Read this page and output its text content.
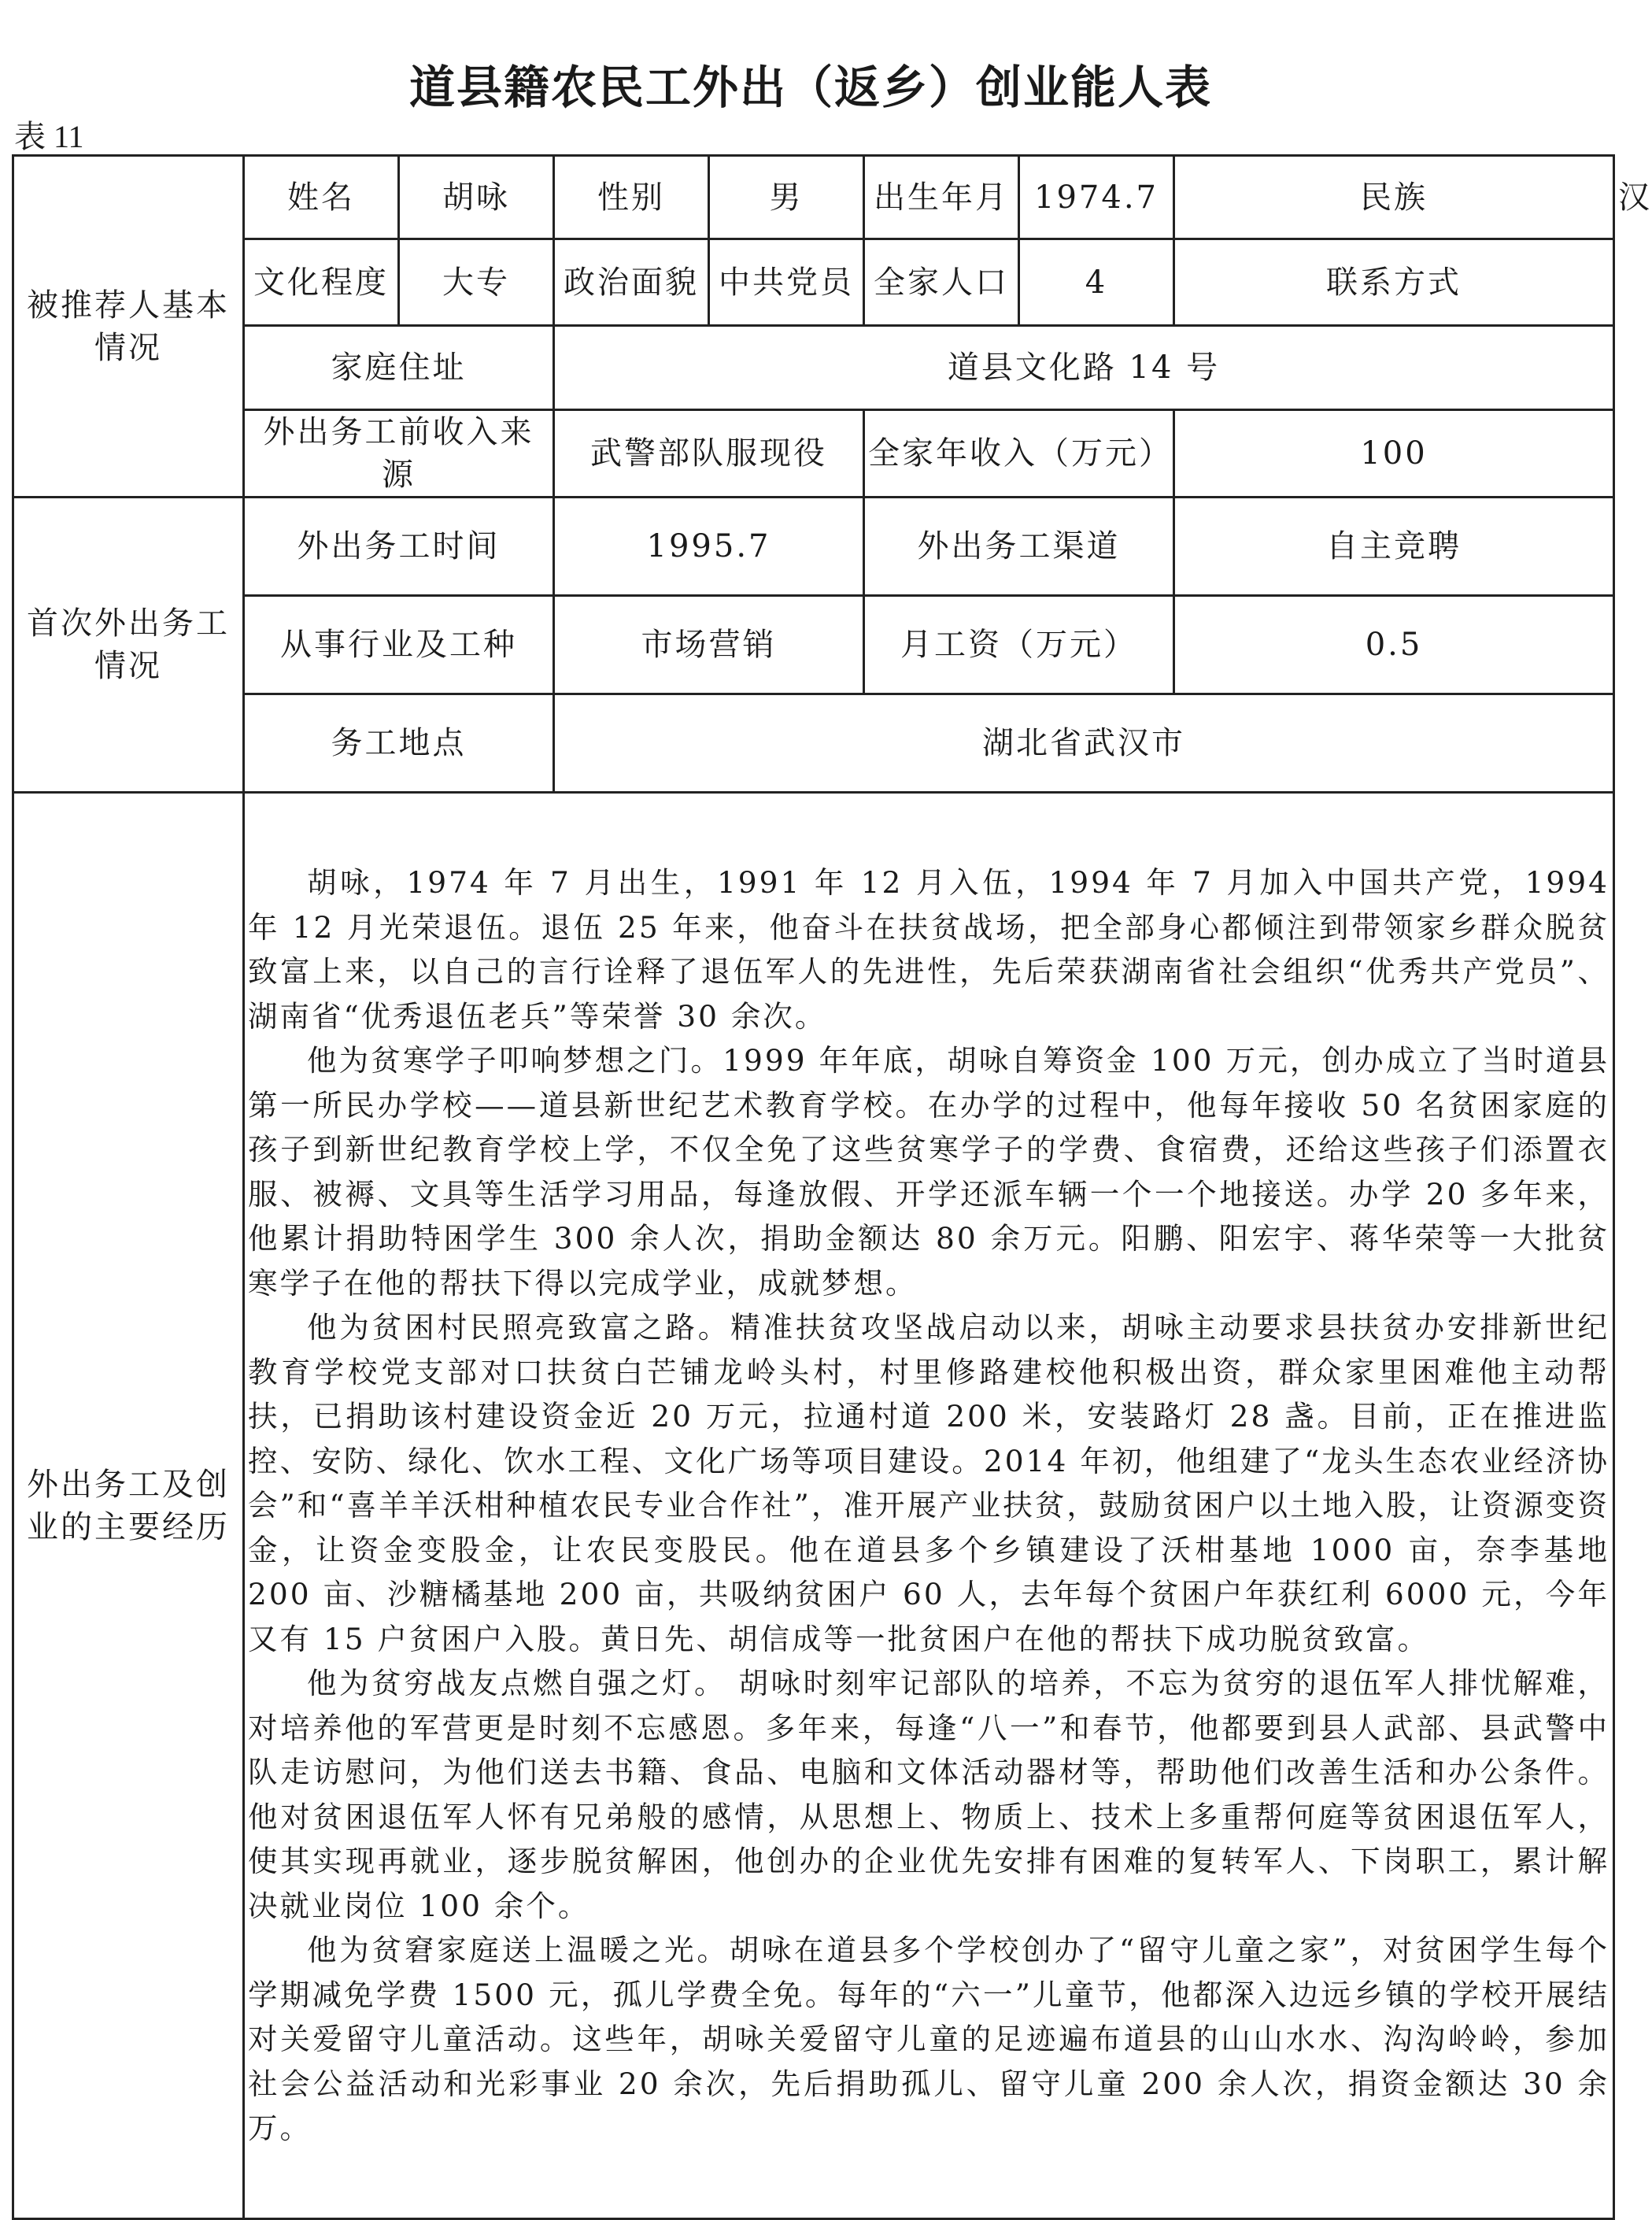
道县籍农民工外出（返乡）创业能人表
表 11
被推荐人基本情况	姓名	胡咏	性别	男	出生年月	1974.7	民族	汉
	文化程度	大专	政治面貌	中共党员	全家人口	4	联系方式	
	家庭住址		道县文化路 14 号					
	外出务工前收入来源		武警部队服现役		全家年收入（万元）		100	
首次外出务工情况	外出务工时间		1995.7		外出务工渠道		自主竞聘	
	从事行业及工种		市场营销		月工资（万元）		0.5	
	务工地点		湖北省武汉市					
外出务工及创业的主要经历	胡咏，1974 年 7 月出生，1991 年 12 月入伍，1994 年 7 月加入中国共产党，1994 年 12 月光荣退伍。退伍 25 年来，他奋斗在扶贫战场，把全部身心都倾注到带领家乡群众脱贫致富上来，以自己的言行诠释了退伍军人的先进性，先后荣获湖南省社会组织“优秀共产党员”、湖南省“优秀退伍老兵”等荣誉 30 余次。

他为贫寒学子叩响梦想之门。1999 年年底，胡咏自筹资金 100 万元，创办成立了当时道县第一所民办学校——道县新世纪艺术教育学校。在办学的过程中，他每年接收 50 名贫困家庭的孩子到新世纪教育学校上学，不仅全免了这些贫寒学子的学费、食宿费，还给这些孩子们添置衣服、被褥、文具等生活学习用品，每逢放假、开学还派车辆一个一个地接送。办学 20 多年来，他累计捐助特困学生 300 余人次，捐助金额达 80 余万元。阳鹏、阳宏宇、蒋华荣等一大批贫寒学子在他的帮扶下得以完成学业，成就梦想。

他为贫困村民照亮致富之路。精准扶贫攻坚战启动以来，胡咏主动要求县扶贫办安排新世纪教育学校党支部对口扶贫白芒铺龙岭头村，村里修路建校他积极出资，群众家里困难他主动帮扶，已捐助该村建设资金近 20 万元，拉通村道 200 米，安装路灯 28 盏。目前，正在推进监控、安防、绿化、饮水工程、文化广场等项目建设。2014 年初，他组建了“龙头生态农业经济协会”和“喜羊羊沃柑种植农民专业合作社”，准开展产业扶贫，鼓励贫困户以土地入股，让资源变资金，让资金变股金，让农民变股民。他在道县多个乡镇建设了沃柑基地 1000 亩，奈李基地 200 亩、沙糖橘基地 200 亩，共吸纳贫困户 60 人，去年每个贫困户年获红利 6000 元，今年又有 15 户贫困户入股。黄日先、胡信成等一批贫困户在他的帮扶下成功脱贫致富。

他为贫穷战友点燃自强之灯。 胡咏时刻牢记部队的培养，不忘为贫穷的退伍军人排忧解难，对培养他的军营更是时刻不忘感恩。多年来，每逢“八一”和春节，他都要到县人武部、县武警中队走访慰问，为他们送去书籍、食品、电脑和文体活动器材等，帮助他们改善生活和办公条件。他对贫困退伍军人怀有兄弟般的感情，从思想上、物质上、技术上多重帮何庭等贫困退伍军人，使其实现再就业，逐步脱贫解困，他创办的企业优先安排有困难的复转军人、下岗职工，累计解决就业岗位 100 余个。

他为贫窘家庭送上温暖之光。胡咏在道县多个学校创办了“留守儿童之家”，对贫困学生每个学期减免学费 1500 元，孤儿学费全免。每年的“六一”儿童节，他都深入边远乡镇的学校开展结对关爱留守儿童活动。这些年，胡咏关爱留守儿童的足迹遍布道县的山山水水、沟沟岭岭，参加社会公益活动和光彩事业 20 余次，先后捐助孤儿、留守儿童 200 余人次，捐资金额达 30 余万。							
